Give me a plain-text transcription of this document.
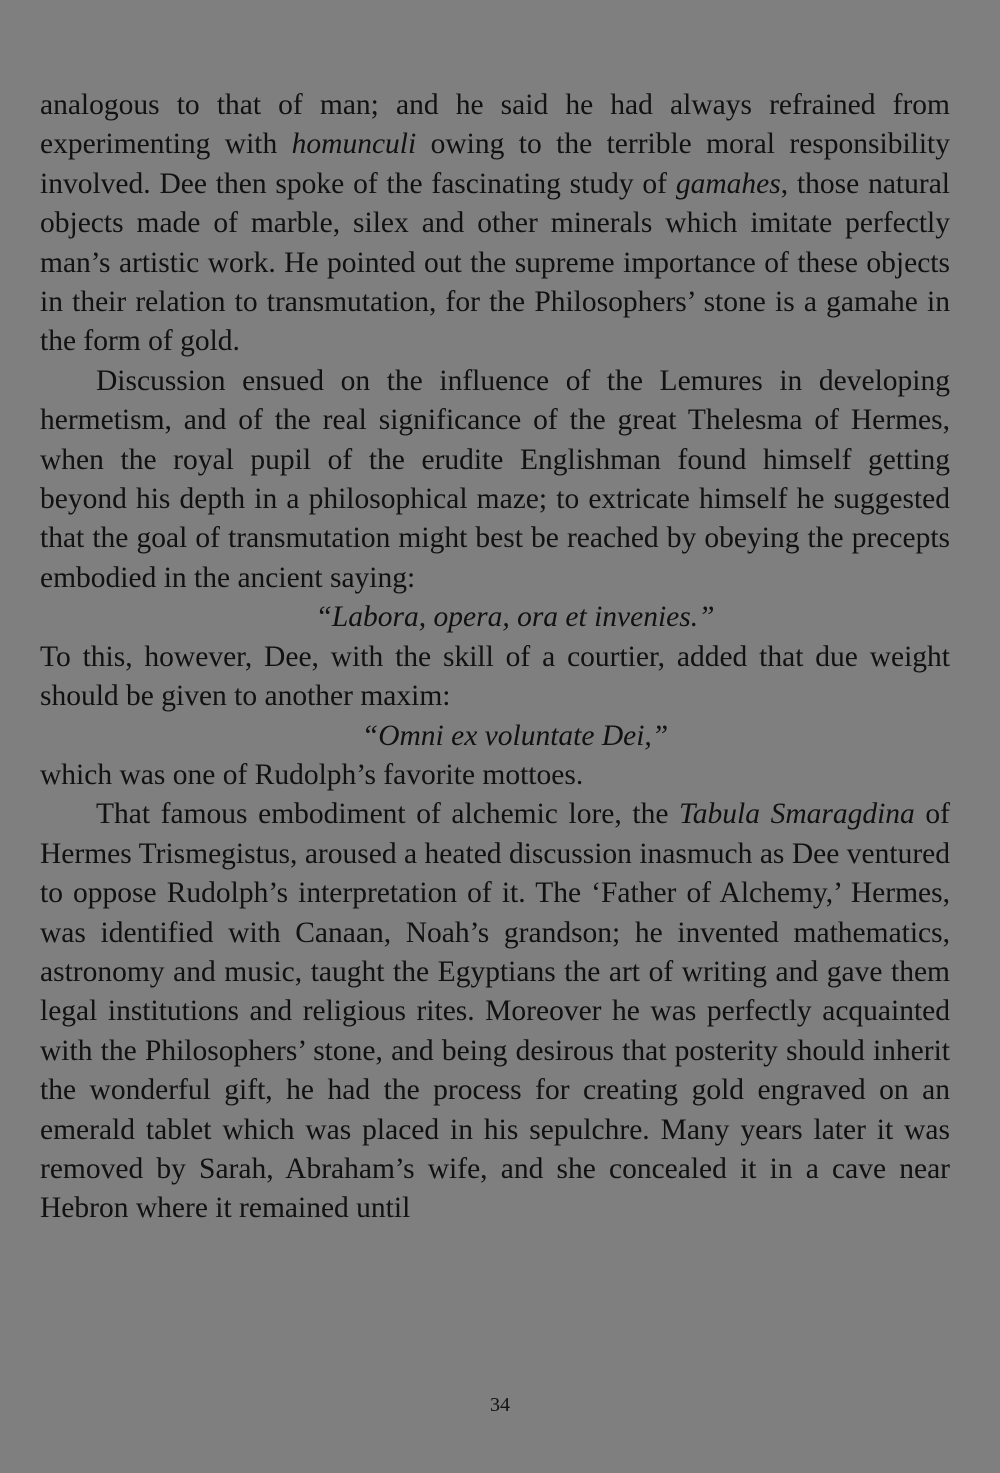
analogous to that of man; and he said he had always refrained from experimenting with homunculi owing to the terrible moral responsibility involved. Dee then spoke of the fascinating study of gamahes, those natural objects made of marble, silex and other minerals which imitate perfectly man’s artistic work. He pointed out the supreme importance of these objects in their relation to transmutation, for the Philosophers’ stone is a gamahe in the form of gold.

Discussion ensued on the influence of the Lemures in developing hermetism, and of the real significance of the great Thelesma of Hermes, when the royal pupil of the erudite Englishman found himself getting beyond his depth in a philosophical maze; to extricate himself he suggested that the goal of transmutation might best be reached by obeying the precepts embodied in the ancient saying:

“Labora, opera, ora et invenies.”

To this, however, Dee, with the skill of a courtier, added that due weight should be given to another maxim:

“Omni ex voluntate Dei,”

which was one of Rudolph’s favorite mottoes.

That famous embodiment of alchemic lore, the Tabula Smaragdina of Hermes Trismegistus, aroused a heated discussion inasmuch as Dee ventured to oppose Rudolph’s interpretation of it. The ‘Father of Alchemy,’ Hermes, was identified with Canaan, Noah’s grandson; he invented mathematics, astronomy and music, taught the Egyptians the art of writing and gave them legal institutions and religious rites. Moreover he was perfectly acquainted with the Philosophers’ stone, and being desirous that posterity should inherit the wonderful gift, he had the process for creating gold engraved on an emerald tablet which was placed in his sepulchre. Many years later it was removed by Sarah, Abraham’s wife, and she concealed it in a cave near Hebron where it remained until

34
